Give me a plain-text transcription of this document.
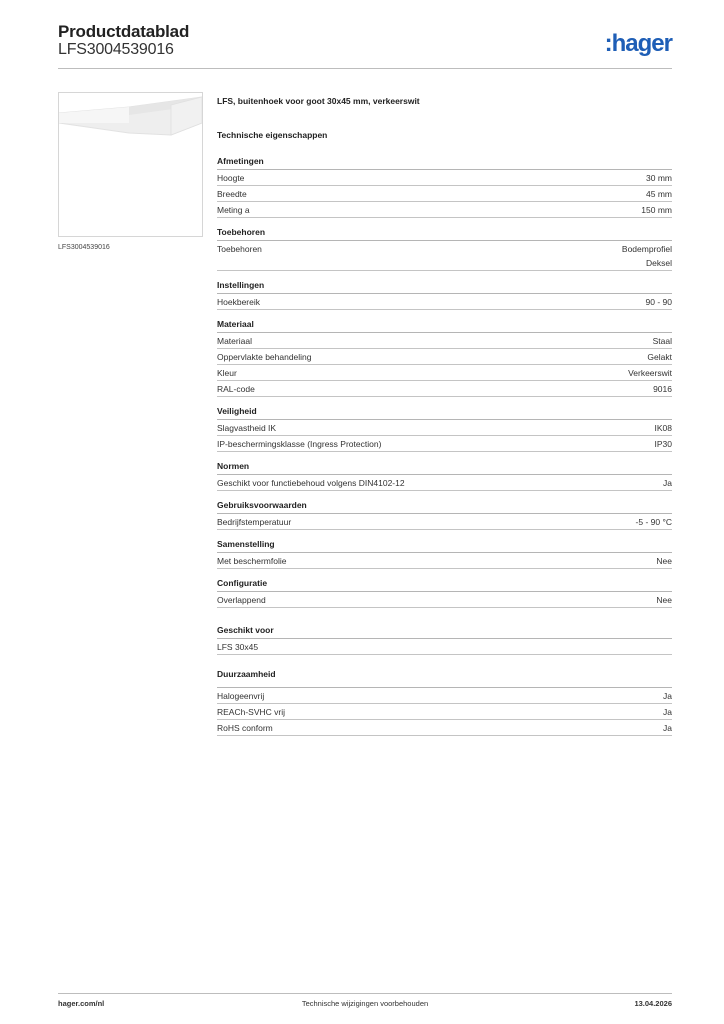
Productdatablad
LFS3004539016	:hager
LFS3004539016
LFS, buitenhoek voor goot 30x45 mm, verkeerswit
Technische eigenschappen
Afmetingen
Hoogte	30 mm
Breedte	45 mm
Meting a	150 mm
Toebehoren
Toebehoren	Bodemprofiel
Deksel
Instellingen
Hoekbereik	90 - 90
Materiaal
Materiaal	Staal
Oppervlakte behandeling	Gelakt
Kleur	Verkeerswit
RAL-code	9016
Veiligheid
Slagvastheid IK	IK08
IP-beschermingsklasse (Ingress Protection)	IP30
Normen
Geschikt voor functiebehoud volgens DIN4102-12	Ja
Gebruiksvoorwaarden
Bedrijfstemperatuur	-5 - 90 °C
Samenstelling
Met beschermfolie	Nee
Configuratie
Overlappend	Nee
Geschikt voor
LFS 30x45
Duurzaamheid
Halogeenvrij	Ja
REACh-SVHC vrij	Ja
RoHS conform	Ja
hager.com/nl	Technische wijzigingen voorbehouden	13.04.2026
